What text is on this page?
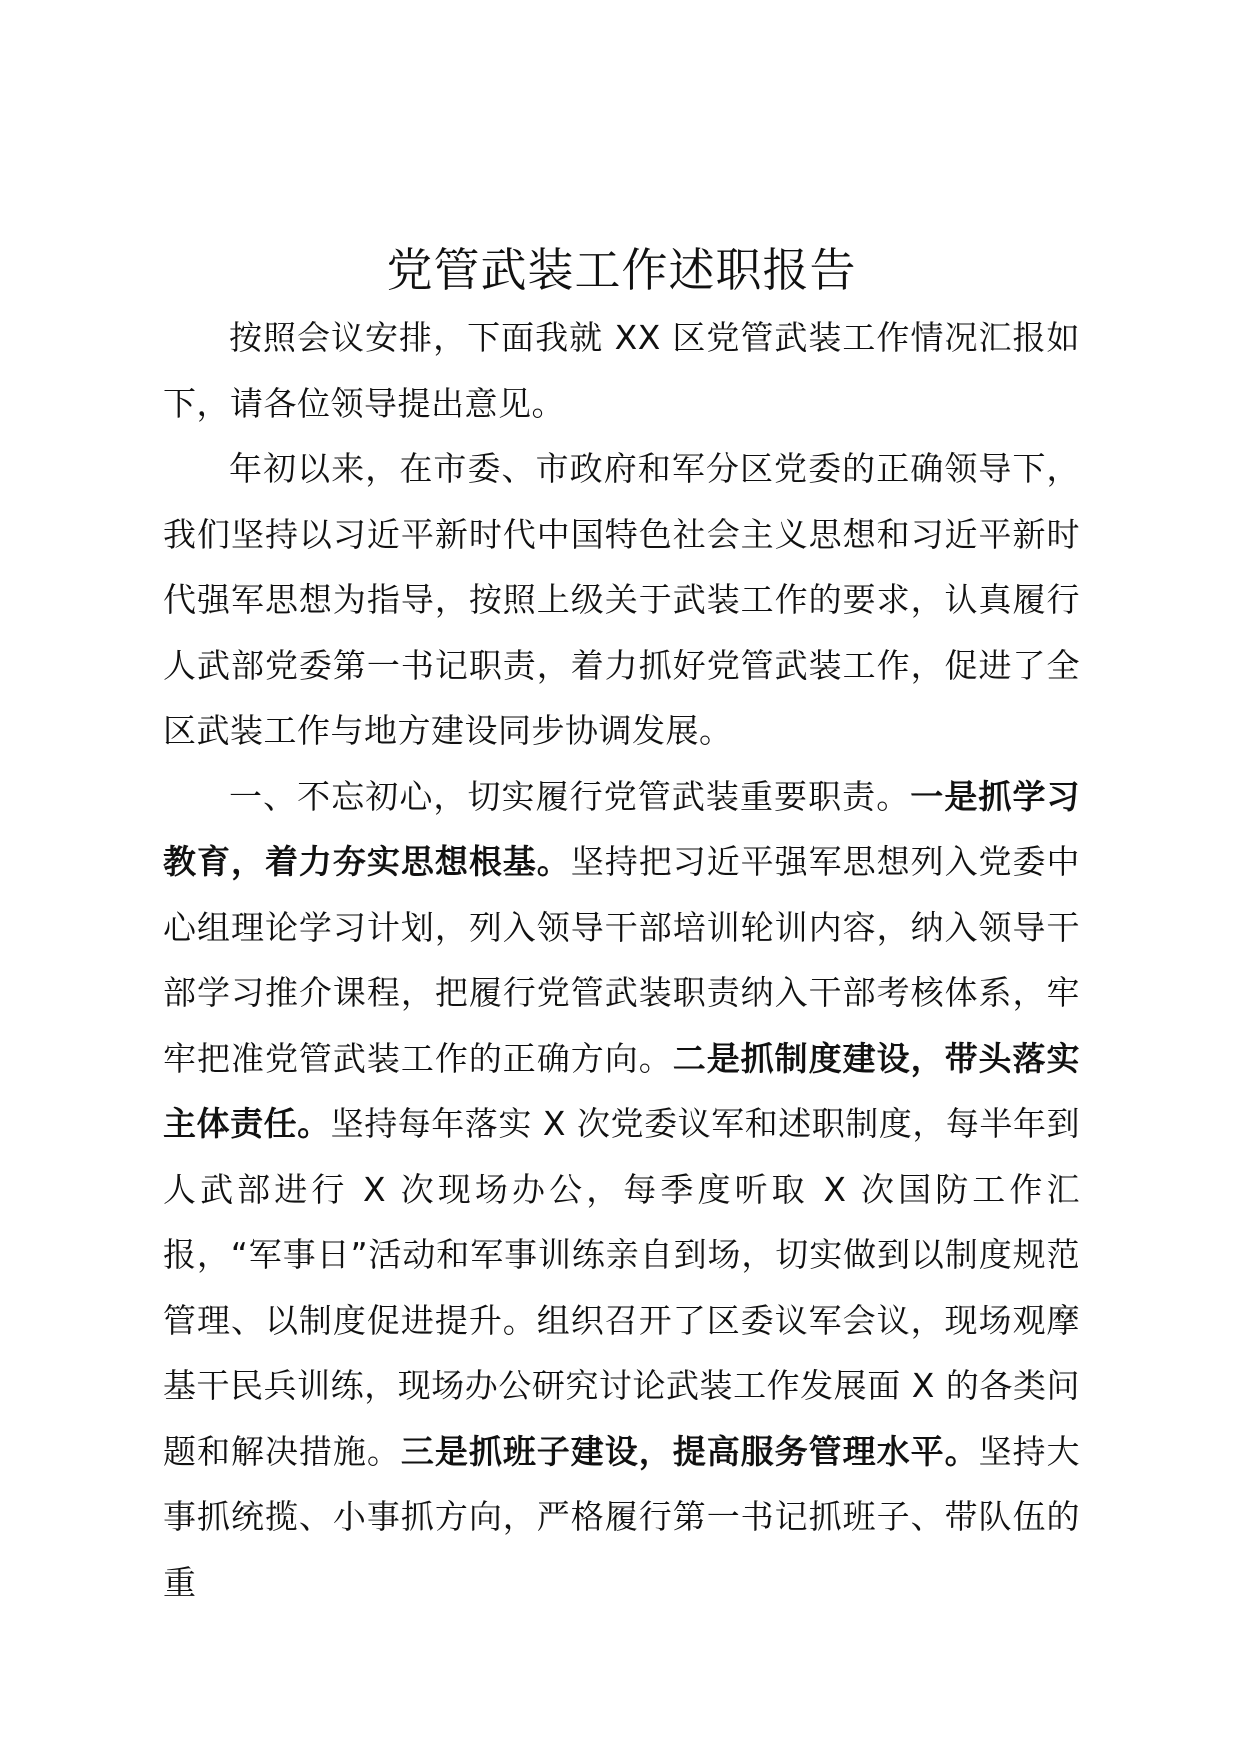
党管武装工作述职报告

按照会议安排，下面我就 XX 区党管武装工作情况汇报如下，请各位领导提出意见。

年初以来，在市委、市政府和军分区党委的正确领导下，我们坚持以习近平新时代中国特色社会主义思想和习近平新时代强军思想为指导，按照上级关于武装工作的要求，认真履行人武部党委第一书记职责，着力抓好党管武装工作，促进了全区武装工作与地方建设同步协调发展。

一、不忘初心，切实履行党管武装重要职责。一是抓学习教育，着力夯实思想根基。坚持把习近平强军思想列入党委中心组理论学习计划，列入领导干部培训轮训内容，纳入领导干部学习推介课程，把履行党管武装职责纳入干部考核体系，牢牢把准党管武装工作的正确方向。二是抓制度建设，带头落实主体责任。坚持每年落实 X 次党委议军和述职制度，每半年到人武部进行 X 次现场办公，每季度听取 X 次国防工作汇报，“军事日”活动和军事训练亲自到场，切实做到以制度规范管理、以制度促进提升。组织召开了区委议军会议，现场观摩基干民兵训练，现场办公研究讨论武装工作发展面 X 的各类问题和解决措施。三是抓班子建设，提高服务管理水平。坚持大事抓统揽、小事抓方向，严格履行第一书记抓班子、带队伍的重
